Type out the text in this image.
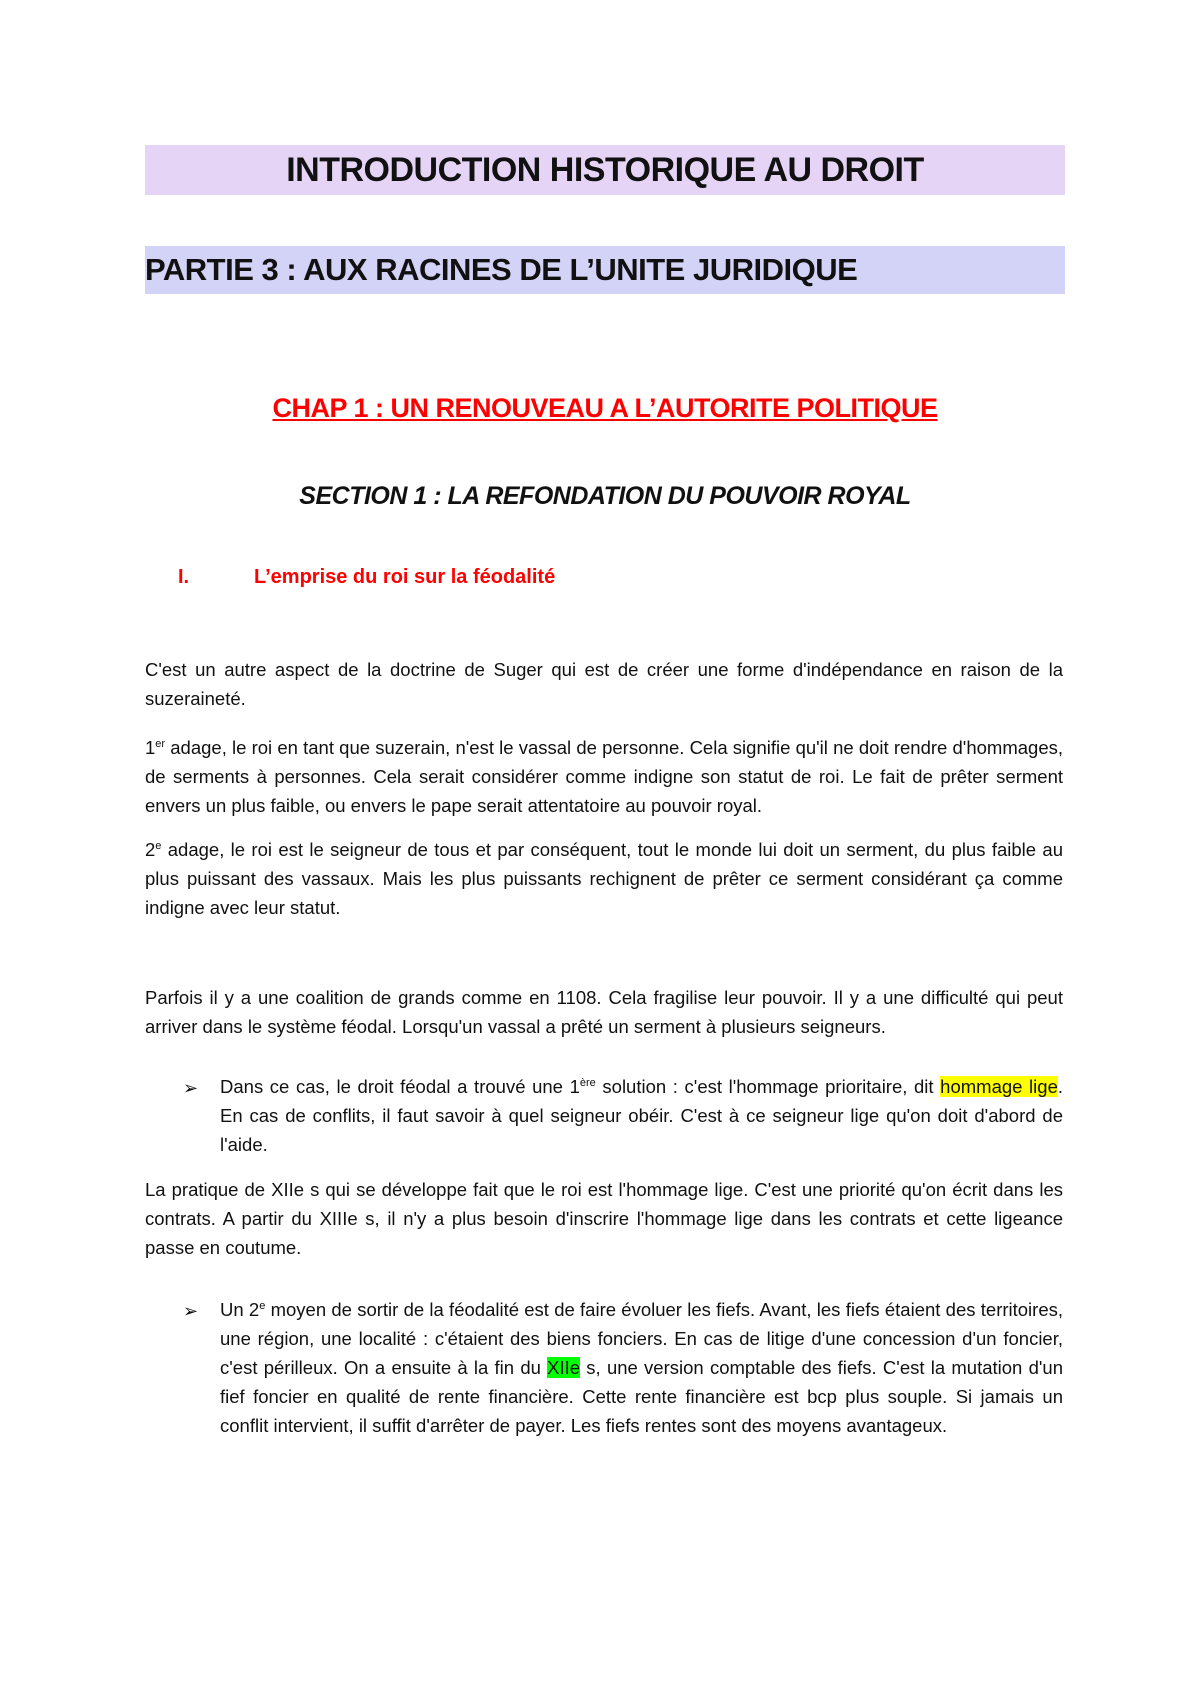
INTRODUCTION HISTORIQUE AU DROIT
PARTIE 3 : AUX RACINES DE L’UNITE JURIDIQUE
CHAP 1 : UN RENOUVEAU A L’AUTORITE POLITIQUE
SECTION 1 : LA REFONDATION DU POUVOIR ROYAL
I.	L’emprise du roi sur la féodalité
C'est un autre aspect de la doctrine de Suger qui est de créer une forme d'indépendance en raison de la suzeraineté.
1er adage, le roi en tant que suzerain, n'est le vassal de personne. Cela signifie qu'il ne doit rendre d'hommages, de serments à personnes. Cela serait considérer comme indigne son statut de roi. Le fait de prêter serment envers un plus faible, ou envers le pape serait attentatoire au pouvoir royal.
2e adage, le roi est le seigneur de tous et par conséquent, tout le monde lui doit un serment, du plus faible au plus puissant des vassaux. Mais les plus puissants rechignent de prêter ce serment considérant ça comme indigne avec leur statut.
Parfois il y a une coalition de grands comme en 1108. Cela fragilise leur pouvoir. Il y a une difficulté qui peut arriver dans le système féodal. Lorsqu'un vassal a prêté un serment à plusieurs seigneurs.
➢ Dans ce cas, le droit féodal a trouvé une 1ère solution : c'est l'hommage prioritaire, dit hommage lige. En cas de conflits, il faut savoir à quel seigneur obéir. C'est à ce seigneur lige qu'on doit d'abord de l'aide.
La pratique de XIIe s qui se développe fait que le roi est l'hommage lige. C'est une priorité qu'on écrit dans les contrats. A partir du XIIIe s, il n'y a plus besoin d'inscrire l'hommage lige dans les contrats et cette ligeance passe en coutume.
➢ Un 2e moyen de sortir de la féodalité est de faire évoluer les fiefs. Avant, les fiefs étaient des territoires, une région, une localité : c'étaient des biens fonciers. En cas de litige d'une concession d'un foncier, c'est périlleux. On a ensuite à la fin du XIIe s, une version comptable des fiefs. C'est la mutation d'un fief foncier en qualité de rente financière. Cette rente financière est bcp plus souple. Si jamais un conflit intervient, il suffit d'arrêter de payer. Les fiefs rentes sont des moyens avantageux.
